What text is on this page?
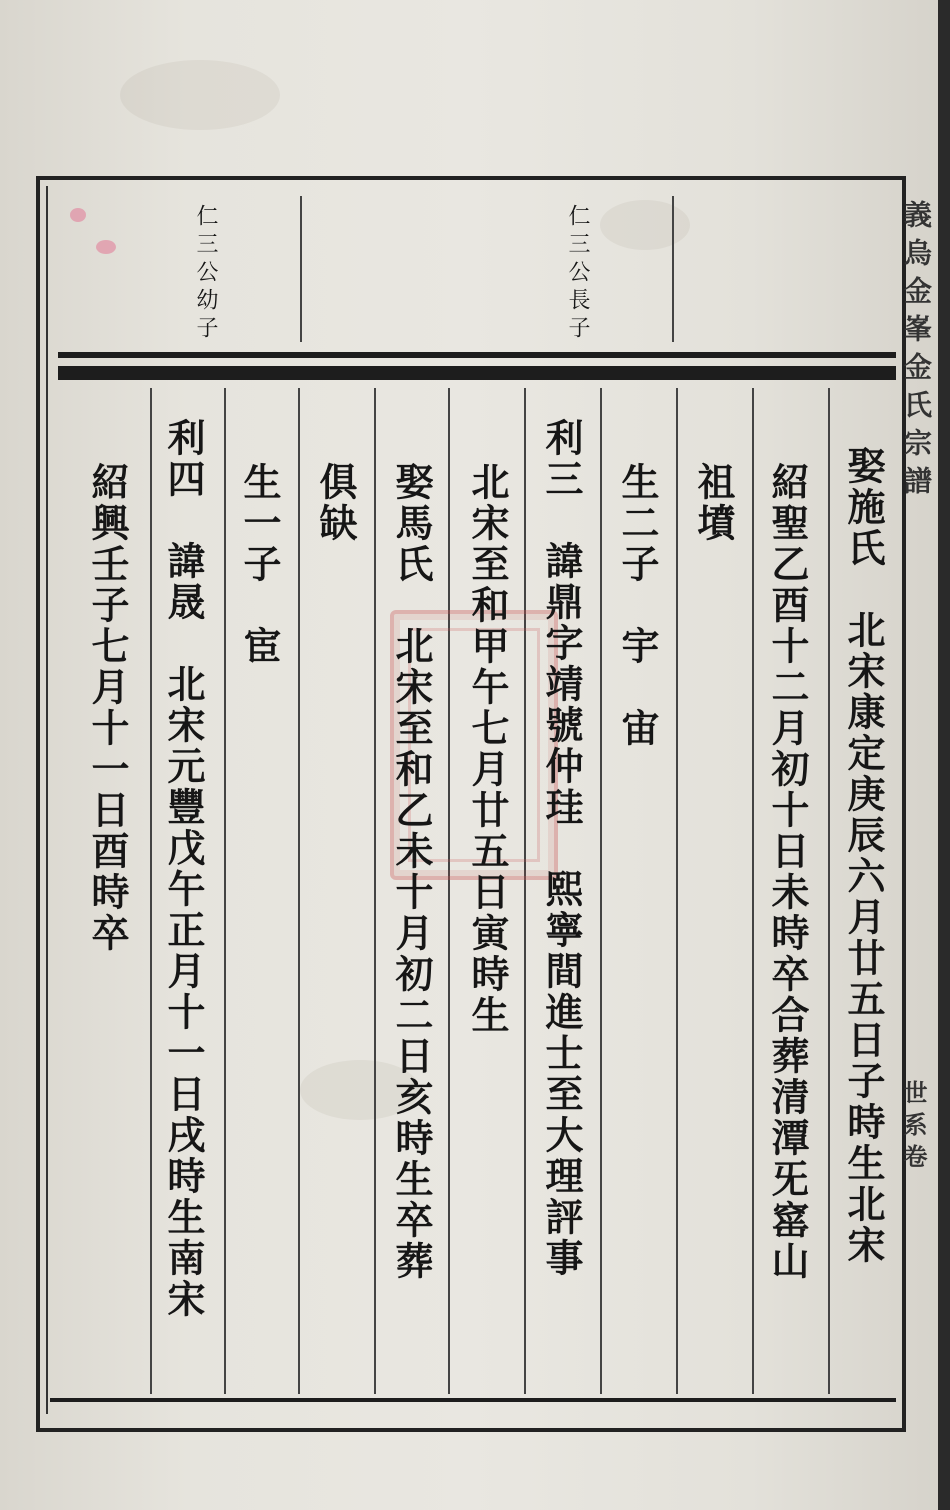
仁三公幼子	仁三公長子	義烏金峯金氏宗譜
世系卷
娶施氏　北宋康定庚辰六月廿五日子時生北宋
紹聖乙酉十二月初十日未時卒合葬清潭旡窰山
祖墳
生二子　宇　宙
利三　諱鼎字靖號仲珪　熙寧間進士至大理評事
北宋至和甲午七月廿五日寅時生
娶馬氏　北宋至和乙未十月初二日亥時生卒葬
俱缺
生一子　宦
利四　諱晟　北宋元豐戊午正月十一日戌時生南宋
紹興壬子七月十一日酉時卒
